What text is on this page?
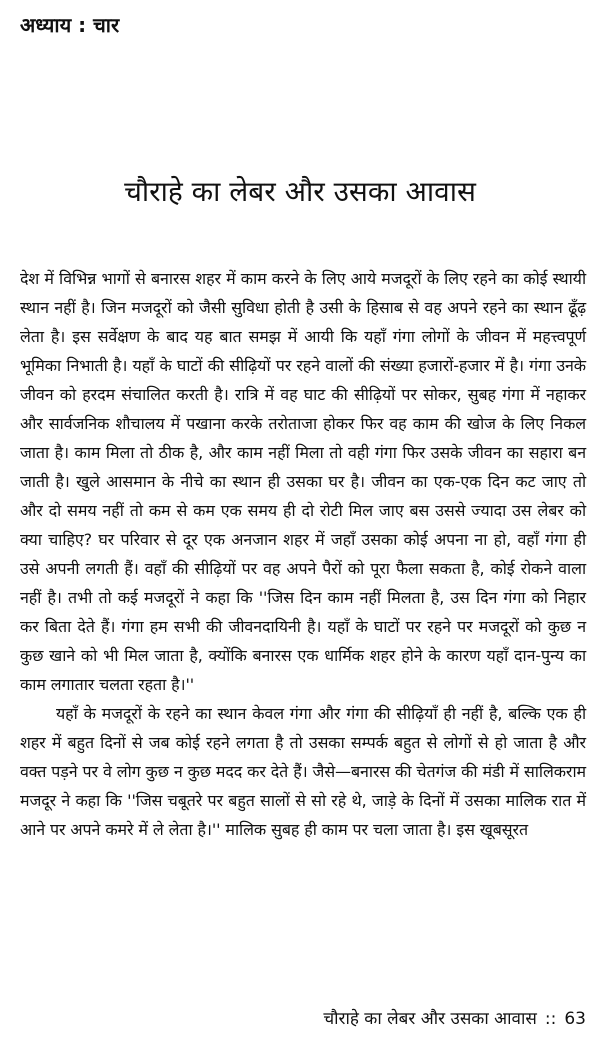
अध्याय : चार
चौराहे का लेबर और उसका आवास

देश में विभिन्न भागों से बनारस शहर में काम करने के लिए आये मजदूरों के लिए रहने का कोई स्थायी स्थान नहीं है। जिन मजदूरों को जैसी सुविधा होती है उसी के हिसाब से वह अपने रहने का स्थान ढूँढ़ लेता है। इस सर्वेक्षण के बाद यह बात समझ में आयी कि यहाँ गंगा लोगों के जीवन में महत्त्वपूर्ण भूमिका निभाती है। यहाँ के घाटों की सीढ़ियों पर रहने वालों की संख्या हजारों-हजार में है। गंगा उनके जीवन को हरदम संचालित करती है। रात्रि में वह घाट की सीढ़ियों पर सोकर, सुबह गंगा में नहाकर और सार्वजनिक शौचालय में पखाना करके तरोताजा होकर फिर वह काम की खोज के लिए निकल जाता है। काम मिला तो ठीक है, और काम नहीं मिला तो वही गंगा फिर उसके जीवन का सहारा बन जाती है। खुले आसमान के नीचे का स्थान ही उसका घर है। जीवन का एक-एक दिन कट जाए तो और दो समय नहीं तो कम से कम एक समय ही दो रोटी मिल जाए बस उससे ज्यादा उस लेबर को क्या चाहिए? घर परिवार से दूर एक अनजान शहर में जहाँ उसका कोई अपना ना हो, वहाँ गंगा ही उसे अपनी लगती हैं। वहाँ की सीढ़ियों पर वह अपने पैरों को पूरा फैला सकता है, कोई रोकने वाला नहीं है। तभी तो कई मजदूरों ने कहा कि ''जिस दिन काम नहीं मिलता है, उस दिन गंगा को निहार कर बिता देते हैं। गंगा हम सभी की जीवनदायिनी है। यहाँ के घाटों पर रहने पर मजदूरों को कुछ न कुछ खाने को भी मिल जाता है, क्योंकि बनारस एक धार्मिक शहर होने के कारण यहाँ दान-पुन्य का काम लगातार चलता रहता है।''

यहाँ के मजदूरों के रहने का स्थान केवल गंगा और गंगा की सीढ़ियाँ ही नहीं है, बल्कि एक ही शहर में बहुत दिनों से जब कोई रहने लगता है तो उसका सम्पर्क बहुत से लोगों से हो जाता है और वक्त पड़ने पर वे लोग कुछ न कुछ मदद कर देते हैं। जैसे—बनारस की चेतगंज की मंडी में सालिकराम मजदूर ने कहा कि ''जिस चबूतरे पर बहुत सालों से सो रहे थे, जाड़े के दिनों में उसका मालिक रात में आने पर अपने कमरे में ले लेता है।'' मालिक सुबह ही काम पर चला जाता है। इस खूबसूरत

चौराहे का लेबर और उसका आवास :: 63
